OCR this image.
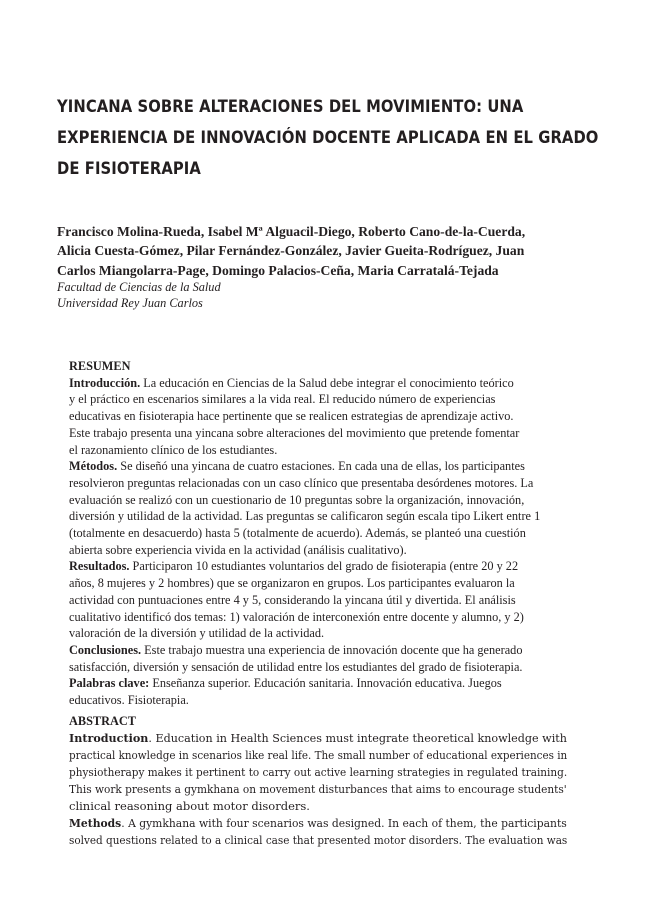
YINCANA SOBRE ALTERACIONES DEL MOVIMIENTO: UNA
EXPERIENCIA DE INNOVACIÓN DOCENTE APLICADA EN EL GRADO
DE FISIOTERAPIA
Francisco Molina-Rueda, Isabel Mª Alguacil-Diego, Roberto Cano-de-la-Cuerda,
Alicia Cuesta-Gómez, Pilar Fernández-González, Javier Gueita-Rodríguez, Juan
Carlos Miangolarra-Page, Domingo Palacios-Ceña, Maria Carratalá-Tejada
Facultad de Ciencias de la Salud
Universidad Rey Juan Carlos
RESUMEN
Introducción. La educación en Ciencias de la Salud debe integrar el conocimiento teórico
y el práctico en escenarios similares a la vida real. El reducido número de experiencias
educativas en fisioterapia hace pertinente que se realicen estrategias de aprendizaje activo.
Este trabajo presenta una yincana sobre alteraciones del movimiento que pretende fomentar
el razonamiento clínico de los estudiantes.
Métodos. Se diseñó una yincana de cuatro estaciones. En cada una de ellas, los participantes
resolvieron preguntas relacionadas con un caso clínico que presentaba desórdenes motores. La
evaluación se realizó con un cuestionario de 10 preguntas sobre la organización, innovación,
diversión y utilidad de la actividad. Las preguntas se calificaron según escala tipo Likert entre 1
(totalmente en desacuerdo) hasta 5 (totalmente de acuerdo). Además, se planteó una cuestión
abierta sobre experiencia vivida en la actividad (análisis cualitativo).
Resultados. Participaron 10 estudiantes voluntarios del grado de fisioterapia (entre 20 y 22
años, 8 mujeres y 2 hombres) que se organizaron en grupos. Los participantes evaluaron la
actividad con puntuaciones entre 4 y 5, considerando la yincana útil y divertida. El análisis
cualitativo identificó dos temas: 1) valoración de interconexión entre docente y alumno, y 2)
valoración de la diversión y utilidad de la actividad.
Conclusiones. Este trabajo muestra una experiencia de innovación docente que ha generado
satisfacción, diversión y sensación de utilidad entre los estudiantes del grado de fisioterapia.
Palabras clave: Enseñanza superior. Educación sanitaria. Innovación educativa. Juegos
educativos. Fisioterapia.
ABSTRACT
Introduction. Education in Health Sciences must integrate theoretical knowledge with
practical knowledge in scenarios like real life. The small number of educational experiences in
physiotherapy makes it pertinent to carry out active learning strategies in regulated training.
This work presents a gymkhana on movement disturbances that aims to encourage students'
clinical reasoning about motor disorders.
Methods. A gymkhana with four scenarios was designed. In each of them, the participants
solved questions related to a clinical case that presented motor disorders. The evaluation was
